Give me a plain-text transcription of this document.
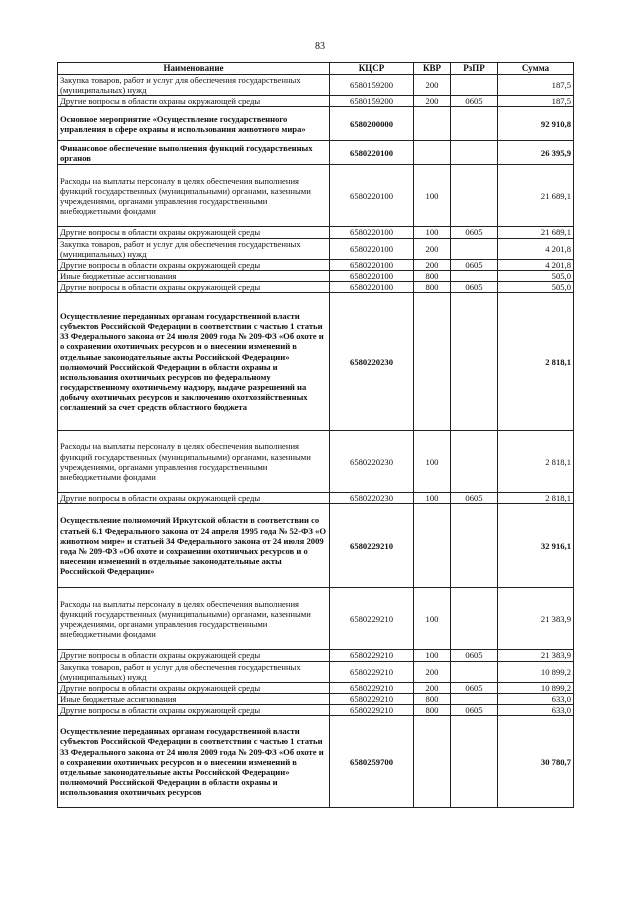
83
Наименование	КЦСР	КВР	РзПР	Сумма
Закупка товаров, работ и услуг для обеспечения государственных (муниципальных) нужд	6580159200	200		187,5
Другие вопросы в области охраны окружающей среды	6580159200	200	0605	187,5
Основное мероприятие «Осуществление государственного управления в сфере охраны и использования животного мира»	6580200000			92 910,8
Финансовое обеспечение выполнения функций государственных органов	6580220100			26 395,9
Расходы на выплаты персоналу в целях обеспечения выполнения функций государственных (муниципальными) органами, казенными учреждениями, органами управления государственными внебюджетными фондами	6580220100	100		21 689,1
Другие вопросы в области охраны окружающей среды	6580220100	100	0605	21 689,1
Закупка товаров, работ и услуг для обеспечения государственных (муниципальных) нужд	6580220100	200		4 201,8
Другие вопросы в области охраны окружающей среды	6580220100	200	0605	4 201,8
Иные бюджетные ассигнования	6580220100	800		505,0
Другие вопросы в области охраны окружающей среды	6580220100	800	0605	505,0
Осуществление переданных органам государственной власти субъектов Российской Федерации в соответствии с частью 1 статьи 33 Федерального закона от 24 июля 2009 года № 209-ФЗ «Об охоте и о сохранении охотничьих ресурсов и о внесении изменений в отдельные законодательные акты Российской Федерации» полномочий Российской Федерации в области охраны и использования охотничьих ресурсов по федеральному государственному охотничьему надзору, выдаче разрешений на добычу охотничьих ресурсов и заключению охотхозяйственных соглашений за счет средств областного бюджета	6580220230			2 818,1
Расходы на выплаты персоналу в целях обеспечения выполнения функций государственных (муниципальными) органами, казенными учреждениями, органами управления государственными внебюджетными фондами	6580220230	100		2 818,1
Другие вопросы в области охраны окружающей среды	6580220230	100	0605	2 818,1
Осуществление полномочий Иркутской области в соответствии со статьей 6.1 Федерального закона от 24 апреля 1995 года № 52-ФЗ «О животном мире» и статьей 34 Федерального закона от 24 июля 2009 года № 209-ФЗ «Об охоте и сохранении охотничьих ресурсов и о внесении изменений в отдельные законодательные акты Российской Федерации»	6580229210			32 916,1
Расходы на выплаты персоналу в целях обеспечения выполнения функций государственных (муниципальными) органами, казенными учреждениями, органами управления государственными внебюджетными фондами	6580229210	100		21 383,9
Другие вопросы в области охраны окружающей среды	6580229210	100	0605	21 383,9
Закупка товаров, работ и услуг для обеспечения государственных (муниципальных) нужд	6580229210	200		10 899,2
Другие вопросы в области охраны окружающей среды	6580229210	200	0605	10 899,2
Иные бюджетные ассигнования	6580229210	800		633,0
Другие вопросы в области охраны окружающей среды	6580229210	800	0605	633,0
Осуществление переданных органам государственной власти субъектов Российской Федерации в соответствии с частью 1 статьи 33 Федерального закона от 24 июля 2009 года № 209-ФЗ «Об охоте и о сохранении охотничьих ресурсов и о внесении изменений в отдельные законодательные акты Российской Федерации» полномочий Российской Федерации в области охраны и использования охотничьих ресурсов	6580259700			30 780,7
